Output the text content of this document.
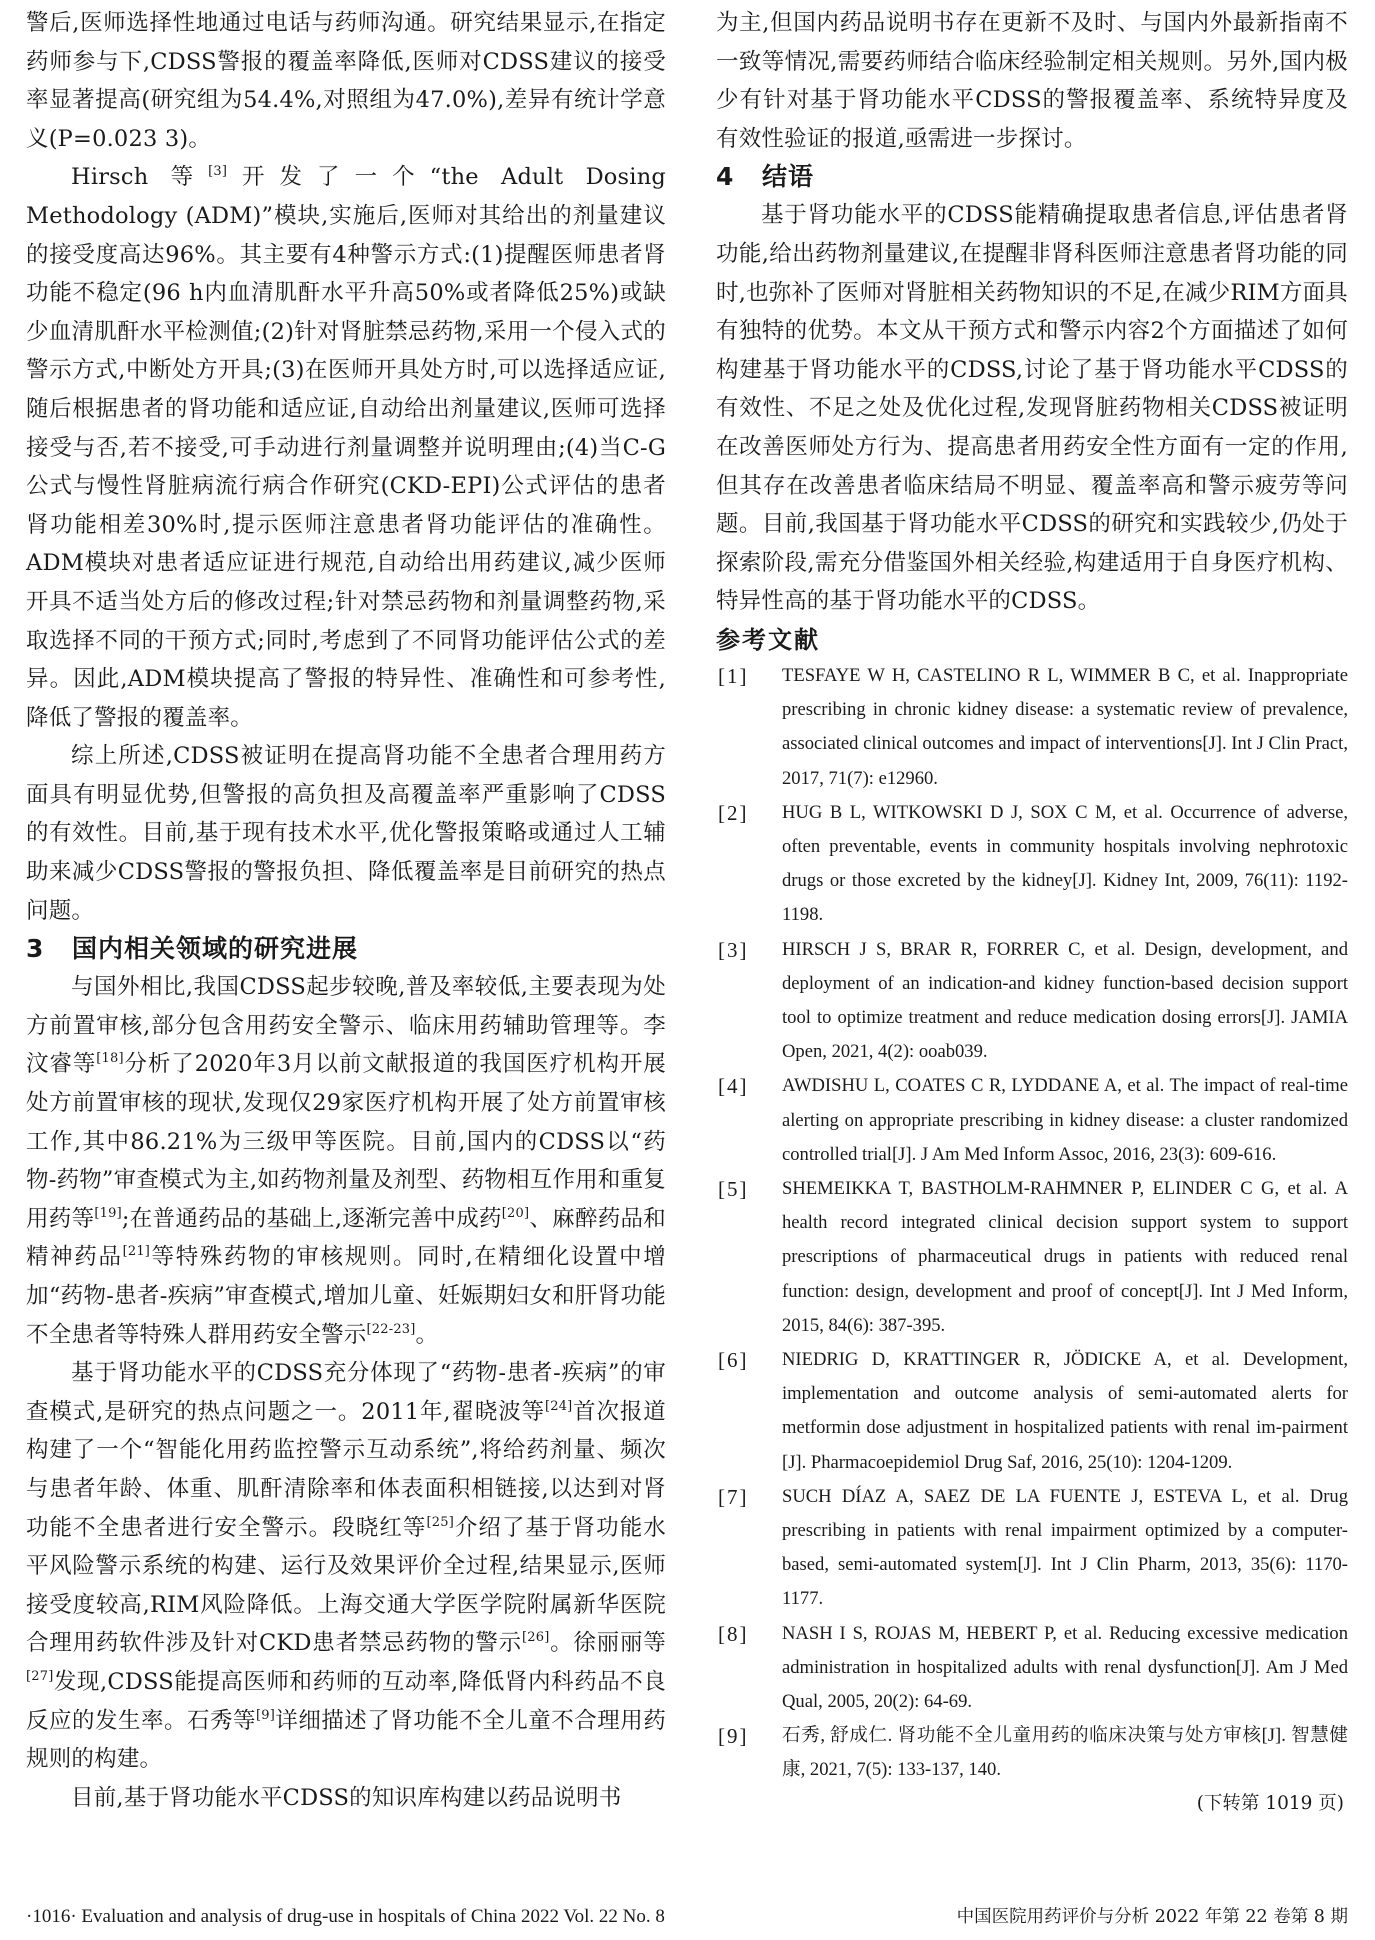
警后,医师选择性地通过电话与药师沟通。研究结果显示,在指定药师参与下,CDSS警报的覆盖率降低,医师对CDSS建议的接受率显著提高(研究组为54.4%,对照组为47.0%),差异有统计学意义(P=0.023 3)。

Hirsch 等[3]开发了一个“the Adult Dosing Methodology (ADM)”模块,实施后,医师对其给出的剂量建议的接受度高达96%。其主要有4种警示方式:(1)提醒医师患者肾功能不稳定(96 h内血清肌酐水平升高50%或者降低25%)或缺少血清肌酐水平检测值;(2)针对肾脏禁忌药物,采用一个侵入式的警示方式,中断处方开具;(3)在医师开具处方时,可以选择适应证,随后根据患者的肾功能和适应证,自动给出剂量建议,医师可选择接受与否,若不接受,可手动进行剂量调整并说明理由;(4)当C-G公式与慢性肾脏病流行病合作研究(CKD-EPI)公式评估的患者肾功能相差30%时,提示医师注意患者肾功能评估的准确性。ADM模块对患者适应证进行规范,自动给出用药建议,减少医师开具不适当处方后的修改过程;针对禁忌药物和剂量调整药物,采取选择不同的干预方式;同时,考虑到了不同肾功能评估公式的差异。因此,ADM模块提高了警报的特异性、准确性和可参考性,降低了警报的覆盖率。

综上所述,CDSS被证明在提高肾功能不全患者合理用药方面具有明显优势,但警报的高负担及高覆盖率严重影响了CDSS的有效性。目前,基于现有技术水平,优化警报策略或通过人工辅助来减少CDSS警报的警报负担、降低覆盖率是目前研究的热点问题。

3 国内相关领域的研究进展

与国外相比,我国CDSS起步较晚,普及率较低,主要表现为处方前置审核,部分包含用药安全警示、临床用药辅助管理等。李汶睿等[18]分析了2020年3月以前文献报道的我国医疗机构开展处方前置审核的现状,发现仅29家医疗机构开展了处方前置审核工作,其中86.21%为三级甲等医院。目前,国内的CDSS以“药物-药物”审查模式为主,如药物剂量及剂型、药物相互作用和重复用药等[19];在普通药品的基础上,逐渐完善中成药[20]、麻醉药品和精神药品[21]等特殊药物的审核规则。同时,在精细化设置中增加“药物-患者-疾病”审查模式,增加儿童、妊娠期妇女和肝肾功能不全患者等特殊人群用药安全警示[22-23]。

基于肾功能水平的CDSS充分体现了“药物-患者-疾病”的审查模式,是研究的热点问题之一。2011年,翟晓波等[24]首次报道构建了一个“智能化用药监控警示互动系统”,将给药剂量、频次与患者年龄、体重、肌酐清除率和体表面积相链接,以达到对肾功能不全患者进行安全警示。段晓红等[25]介绍了基于肾功能水平风险警示系统的构建、运行及效果评价全过程,结果显示,医师接受度较高,RIM风险降低。上海交通大学医学院附属新华医院合理用药软件涉及针对CKD患者禁忌药物的警示[26]。徐丽丽等[27]发现,CDSS能提高医师和药师的互动率,降低肾内科药品不良反应的发生率。石秀等[9]详细描述了肾功能不全儿童不合理用药规则的构建。

目前,基于肾功能水平CDSS的知识库构建以药品说明书

为主,但国内药品说明书存在更新不及时、与国内外最新指南不一致等情况,需要药师结合临床经验制定相关规则。另外,国内极少有针对基于肾功能水平CDSS的警报覆盖率、系统特异度及有效性验证的报道,亟需进一步探讨。

4 结语

基于肾功能水平的CDSS能精确提取患者信息,评估患者肾功能,给出药物剂量建议,在提醒非肾科医师注意患者肾功能的同时,也弥补了医师对肾脏相关药物知识的不足,在减少RIM方面具有独特的优势。本文从干预方式和警示内容2个方面描述了如何构建基于肾功能水平的CDSS,讨论了基于肾功能水平CDSS的有效性、不足之处及优化过程,发现肾脏药物相关CDSS被证明在改善医师处方行为、提高患者用药安全性方面有一定的作用,但其存在改善患者临床结局不明显、覆盖率高和警示疲劳等问题。目前,我国基于肾功能水平CDSS的研究和实践较少,仍处于探索阶段,需充分借鉴国外相关经验,构建适用于自身医疗机构、特异性高的基于肾功能水平的CDSS。

参考文献
[1] TESFAYE W H, CASTELINO R L, WIMMER B C, et al. Inappropriate prescribing in chronic kidney disease: a systematic review of prevalence, associated clinical outcomes and impact of interventions[J]. Int J Clin Pract, 2017, 71(7): e12960.
[2] HUG B L, WITKOWSKI D J, SOX C M, et al. Occurrence of adverse, often preventable, events in community hospitals involving nephrotoxic drugs or those excreted by the kidney[J]. Kidney Int, 2009, 76(11): 1192-1198.
[3] HIRSCH J S, BRAR R, FORRER C, et al. Design, development, and deployment of an indication-and kidney function-based decision support tool to optimize treatment and reduce medication dosing errors[J]. JAMIA Open, 2021, 4(2): ooab039.
[4] AWDISHU L, COATES C R, LYDDANE A, et al. The impact of real-time alerting on appropriate prescribing in kidney disease: a cluster randomized controlled trial[J]. J Am Med Inform Assoc, 2016, 23(3): 609-616.
[5] SHEMEIKKA T, BASTHOLM-RAHMNER P, ELINDER C G, et al. A health record integrated clinical decision support system to support prescriptions of pharmaceutical drugs in patients with reduced renal function: design, development and proof of concept[J]. Int J Med Inform, 2015, 84(6): 387-395.
[6] NIEDRIG D, KRATTINGER R, JÖDICKE A, et al. Development, implementation and outcome analysis of semi-automated alerts for metformin dose adjustment in hospitalized patients with renal im-pairment [J]. Pharmacoepidemiol Drug Saf, 2016, 25(10): 1204-1209.
[7] SUCH DÍAZ A, SAEZ DE LA FUENTE J, ESTEVA L, et al. Drug prescribing in patients with renal impairment optimized by a computer-based, semi-automated system[J]. Int J Clin Pharm, 2013, 35(6): 1170-1177.
[8] NASH I S, ROJAS M, HEBERT P, et al. Reducing excessive medication administration in hospitalized adults with renal dysfunction[J]. Am J Med Qual, 2005, 20(2): 64-69.
[9] 石秀, 舒成仁. 肾功能不全儿童用药的临床决策与处方审核[J]. 智慧健康, 2021, 7(5): 133-137, 140.

(下转第 1019 页)

·1016· Evaluation and analysis of drug-use in hospitals of China 2022 Vol. 22 No. 8	中国医院用药评价与分析 2022 年第 22 卷第 8 期
